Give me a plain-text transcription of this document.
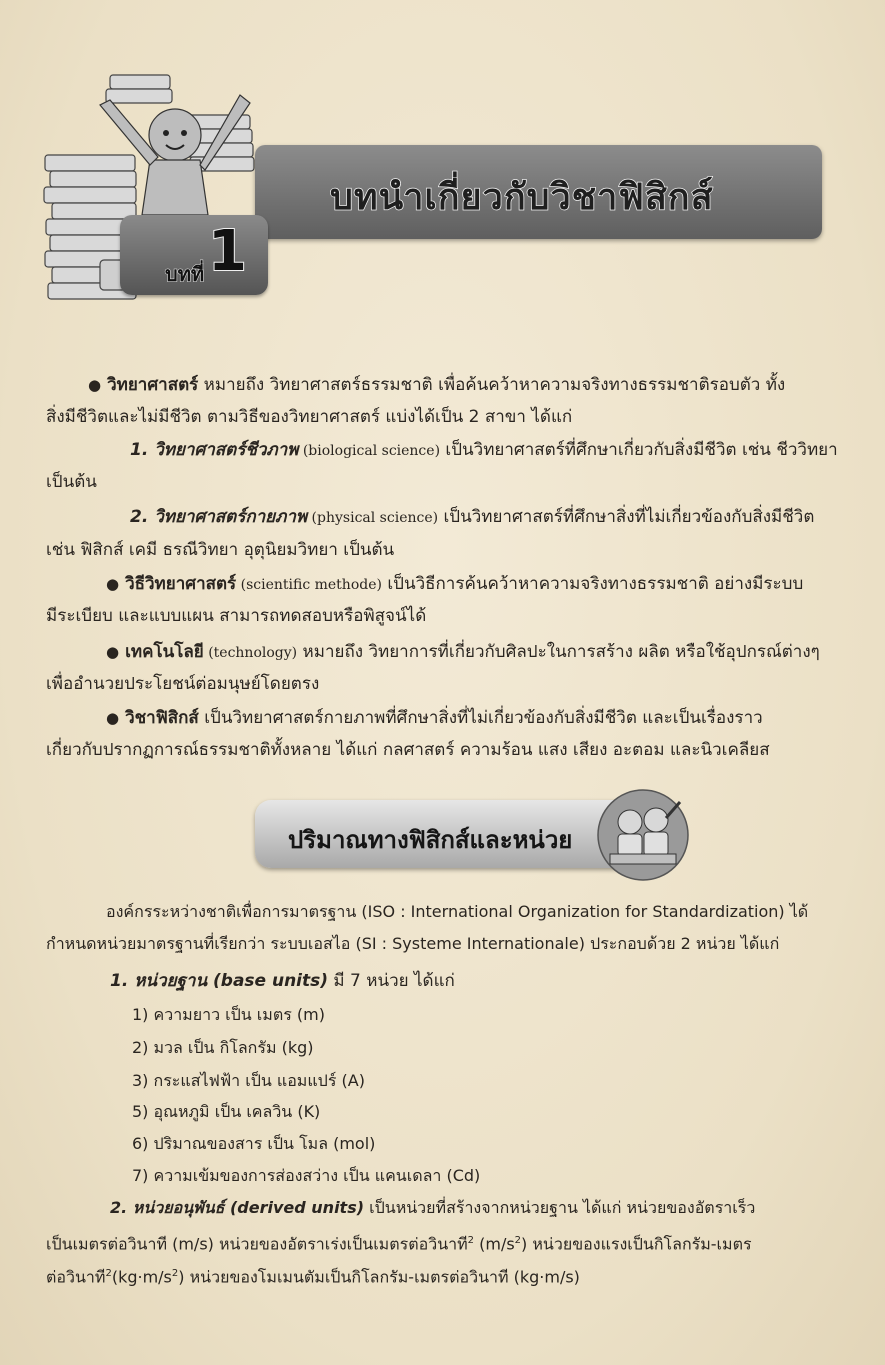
บทนำเกี่ยวกับวิชาฟิสิกส์
บทที่ 1
● วิทยาศาสตร์ หมายถึง วิทยาศาสตร์ธรรมชาติ เพื่อค้นคว้าหาความจริงทางธรรมชาติรอบตัว ทั้ง
สิ่งมีชีวิตและไม่มีชีวิต ตามวิธีของวิทยาศาสตร์ แบ่งได้เป็น 2 สาขา ได้แก่
1. วิทยาศาสตร์ชีวภาพ (biological science) เป็นวิทยาศาสตร์ที่ศึกษาเกี่ยวกับสิ่งมีชีวิต เช่น ชีววิทยา
เป็นต้น
2. วิทยาศาสตร์กายภาพ (physical science) เป็นวิทยาศาสตร์ที่ศึกษาสิ่งที่ไม่เกี่ยวข้องกับสิ่งมีชีวิต
เช่น ฟิสิกส์ เคมี ธรณีวิทยา อุตุนิยมวิทยา เป็นต้น
● วิธีวิทยาศาสตร์ (scientific methode) เป็นวิธีการค้นคว้าหาความจริงทางธรรมชาติ อย่างมีระบบ
มีระเบียบ และแบบแผน สามารถทดสอบหรือพิสูจน์ได้
● เทคโนโลยี (technology) หมายถึง วิทยาการที่เกี่ยวกับศิลปะในการสร้าง ผลิต หรือใช้อุปกรณ์ต่างๆ
เพื่ออำนวยประโยชน์ต่อมนุษย์โดยตรง
● วิชาฟิสิกส์ เป็นวิทยาศาสตร์กายภาพที่ศึกษาสิ่งที่ไม่เกี่ยวข้องกับสิ่งมีชีวิต และเป็นเรื่องราว
เกี่ยวกับปรากฏการณ์ธรรมชาติทั้งหลาย ได้แก่ กลศาสตร์ ความร้อน แสง เสียง อะตอม และนิวเคลียส
ปริมาณทางฟิสิกส์และหน่วย
องค์กรระหว่างชาติเพื่อการมาตรฐาน (ISO : International Organization for Standardization) ได้
กำหนดหน่วยมาตรฐานที่เรียกว่า ระบบเอสไอ (SI : Systeme Internationale) ประกอบด้วย 2 หน่วย ได้แก่
1. หน่วยฐาน (base units) มี 7 หน่วย ได้แก่
1) ความยาว เป็น เมตร (m)
2) มวล เป็น กิโลกรัม (kg)
3) กระแสไฟฟ้า เป็น แอมแปร์ (A)
5) อุณหภูมิ เป็น เคลวิน (K)
6) ปริมาณของสาร เป็น โมล (mol)
7) ความเข้มของการส่องสว่าง เป็น แคนเดลา (Cd)
2. หน่วยอนุพันธ์ (derived units) เป็นหน่วยที่สร้างจากหน่วยฐาน ได้แก่ หน่วยของอัตราเร็ว
เป็นเมตรต่อวินาที (m/s) หน่วยของอัตราเร่งเป็นเมตรต่อวินาที$^2$ $(m/s^2)$ หน่วยของแรงเป็นกิโลกรัม-เมตร
ต่อวินาที$^2(kg\cdot m/s^2)$ หน่วยของโมเมนตัมเป็นกิโลกรัม-เมตรต่อวินาที (kg·m/s)
